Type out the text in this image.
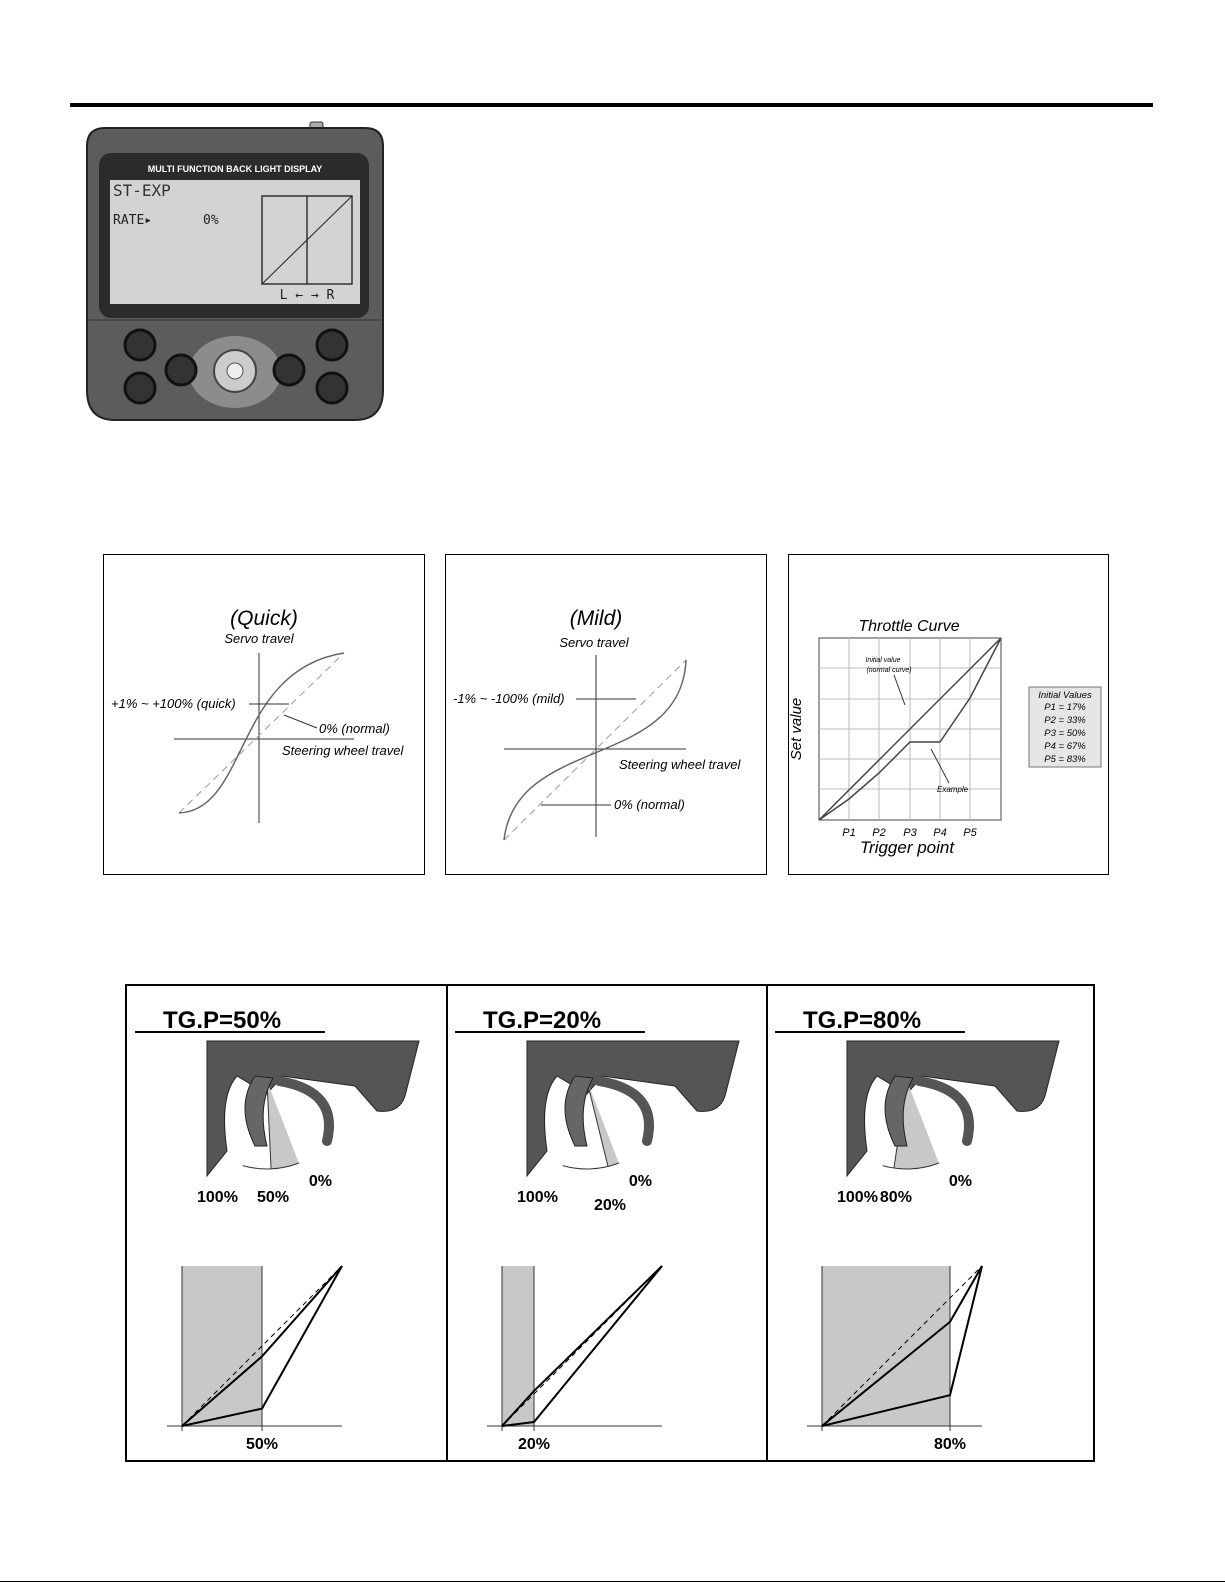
MULTI FUNCTION BACK LIGHT DISPLAY
ST-EXP
RATE▸	0%
L ← → R
(Quick)
Servo travel
+1% ~ +100% (quick)
0% (normal)
Steering wheel travel
(Mild)
Servo travel
-1% ~ -100% (mild)
Steering wheel travel
0% (normal)
Throttle Curve
Set value
Initial value
(normal curve)
Example
P1 P2 P3 P4 P5
Trigger point
Initial Values
P1 = 17%
P2 = 33%
P3 = 50%
P4 = 67%
P5 = 83%
TG.P=50%
100% 50%
0%
50%
TG.P=20%
100% 20%
0%
20%
TG.P=80%
100% 80%
0%
80%
